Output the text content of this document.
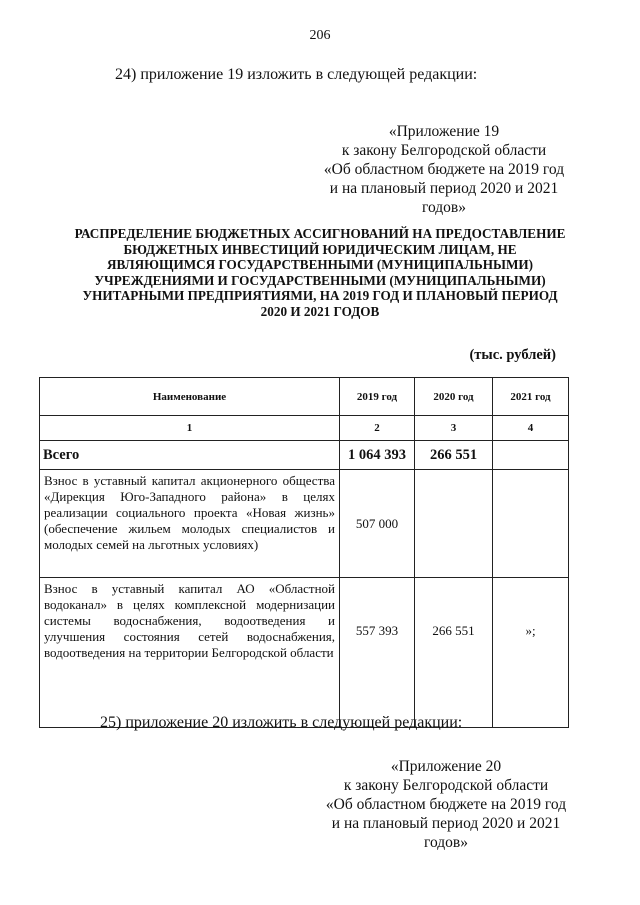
206
24) приложение 19 изложить в следующей редакции:
«Приложение 19
к закону Белгородской области
«Об областном бюджете на 2019 год
и на плановый период 2020 и 2021
годов»
РАСПРЕДЕЛЕНИЕ БЮДЖЕТНЫХ АССИГНОВАНИЙ НА ПРЕДОСТАВЛЕНИЕ
БЮДЖЕТНЫХ ИНВЕСТИЦИЙ ЮРИДИЧЕСКИМ ЛИЦАМ, НЕ
ЯВЛЯЮЩИМСЯ ГОСУДАРСТВЕННЫМИ (МУНИЦИПАЛЬНЫМИ)
УЧРЕЖДЕНИЯМИ И ГОСУДАРСТВЕННЫМИ (МУНИЦИПАЛЬНЫМИ)
УНИТАРНЫМИ ПРЕДПРИЯТИЯМИ, НА 2019 ГОД И ПЛАНОВЫЙ ПЕРИОД
2020 И 2021 ГОДОВ
(тыс. рублей)
Наименование	2019 год	2020 год	2021 год
1	2	3	4
Всего	1 064 393	266 551	
Взнос в уставный капитал акционерного общества «Дирекция Юго-Западного района» в целях реализации социального проекта «Новая жизнь» (обеспечение жильем молодых специалистов и молодых семей на льготных условиях)	507 000		
Взнос в уставный капитал АО «Областной водоканал» в целях комплексной модернизации системы водоснабжения, водоотведения и улучшения состояния сетей водоснабжения, водоотведения на территории Белгородской области	557 393	266 551	»;
25) приложение 20 изложить в следующей редакции:
«Приложение 20
к закону Белгородской области
«Об областном бюджете на 2019 год
и на плановый период 2020 и 2021 годов»
